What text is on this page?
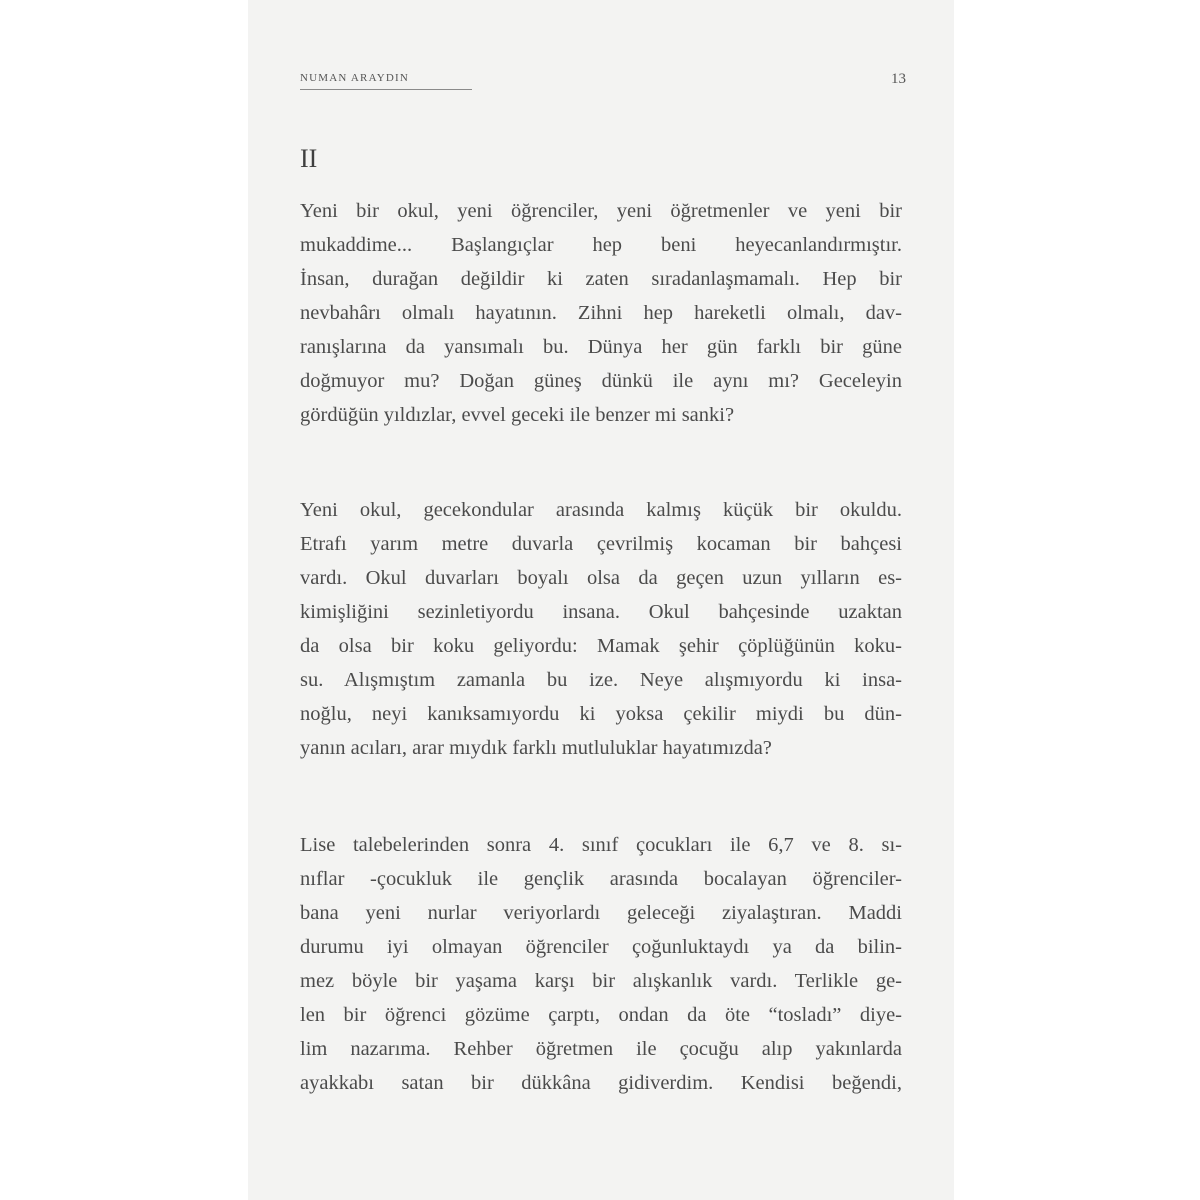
NUMAN ARAYDIN	13
II

Yeni bir okul, yeni öğrenciler, yeni öğretmenler ve yeni bir
mukaddime... Başlangıçlar hep beni heyecanlandırmıştır.
İnsan, durağan değildir ki zaten sıradanlaşmamalı. Hep bir
nevbahârı olmalı hayatının. Zihni hep hareketli olmalı, dav-
ranışlarına da yansımalı bu. Dünya her gün farklı bir güne
doğmuyor mu? Doğan güneş dünkü ile aynı mı? Geceleyin
gördüğün yıldızlar, evvel geceki ile benzer mi sanki?

Yeni okul, gecekondular arasında kalmış küçük bir okuldu.
Etrafı yarım metre duvarla çevrilmiş kocaman bir bahçesi
vardı. Okul duvarları boyalı olsa da geçen uzun yılların es-
kimişliğini sezinletiyordu insana. Okul bahçesinde uzaktan
da olsa bir koku geliyordu: Mamak şehir çöplüğünün koku-
su. Alışmıştım zamanla bu ize. Neye alışmıyordu ki insa-
noğlu, neyi kanıksamıyordu ki yoksa çekilir miydi bu dün-
yanın acıları, arar mıydık farklı mutluluklar hayatımızda?

Lise talebelerinden sonra 4. sınıf çocukları ile 6,7 ve 8. sı-
nıflar -çocukluk ile gençlik arasında bocalayan öğrenciler-
bana yeni nurlar veriyorlardı geleceği ziyalaştıran. Maddi
durumu iyi olmayan öğrenciler çoğunluktaydı ya da bilin-
mez böyle bir yaşama karşı bir alışkanlık vardı. Terlikle ge-
len bir öğrenci gözüme çarptı, ondan da öte “tosladı” diye-
lim nazarıma. Rehber öğretmen ile çocuğu alıp yakınlarda
ayakkabı satan bir dükkâna gidiverdim. Kendisi beğendi,
